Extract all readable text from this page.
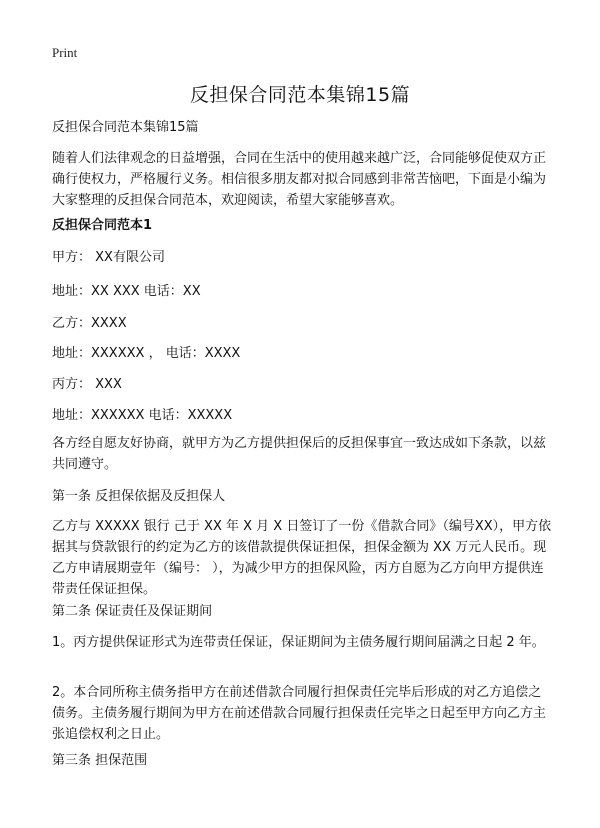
Print
反担保合同范本集锦15篇

反担保合同范本集锦15篇

随着人们法律观念的日益增强，合同在生活中的使用越来越广泛，合同能够促使双方正确行使权力，严格履行义务。相信很多朋友都对拟合同感到非常苦恼吧，下面是小编为大家整理的反担保合同范本，欢迎阅读，希望大家能够喜欢。

反担保合同范本1

甲方： XX有限公司

地址：XX XXX 电话：XX

乙方：XXXX

地址：XXXXXX ， 电话：XXXX

丙方： XXX

地址：XXXXXX 电话：XXXXX

各方经自愿友好协商，就甲方为乙方提供担保后的反担保事宜一致达成如下条款，以兹共同遵守。

第一条 反担保依据及反担保人

乙方与 XXXXX 银行 己于 XX 年 X 月 X 日签订了一份《借款合同》（编号XX），甲方依据其与贷款银行的约定为乙方的该借款提供保证担保，担保金额为 XX 万元人民币。现乙方申请展期壹年（编号： ），为减少甲方的担保风险，丙方自愿为乙方向甲方提供连带责任保证担保。

第二条 保证责任及保证期间

1。丙方提供保证形式为连带责任保证，保证期间为主债务履行期间届满之日起 2 年。

2。本合同所称主债务指甲方在前述借款合同履行担保责任完毕后形成的对乙方追偿之债务。主债务履行期间为甲方在前述借款合同履行担保责任完毕之日起至甲方向乙方主张追偿权利之日止。

第三条 担保范围
